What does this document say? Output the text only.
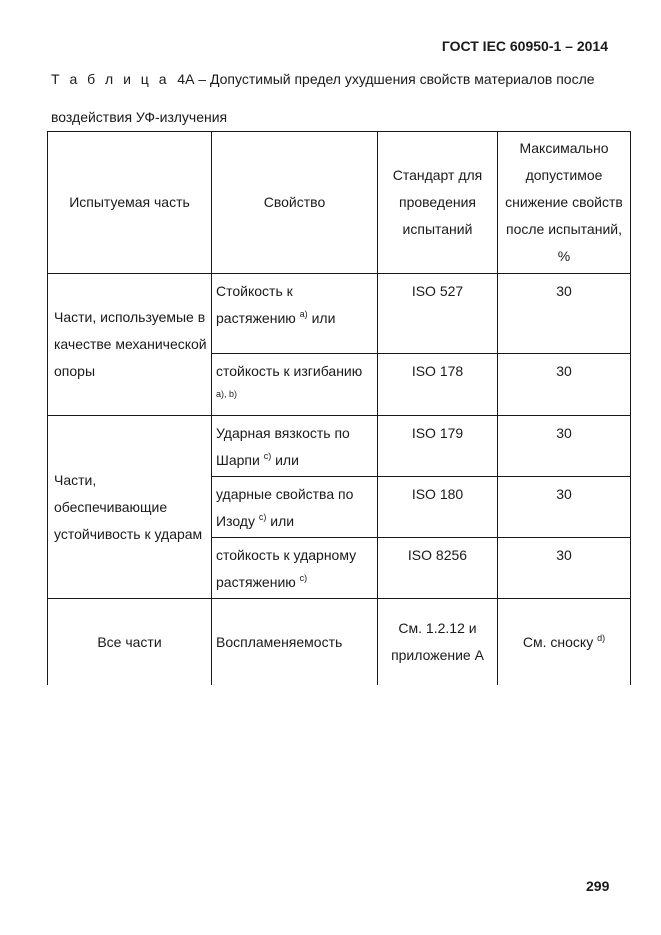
ГОСТ IEC 60950-1 – 2014
Т а б л и ц а 4А – Допустимый предел ухудшения свойств материалов после воздействия УФ-излучения
Испытуемая часть	Свойство	Стандарт для проведения испытаний	Максимально допустимое снижение свойств после испытаний, %
Части, используемые в качестве механической опоры	Стойкость к растяжению $^{a)}$ или	ISO 527	30
	стойкость к изгибанию $^{a), b)}$	ISO 178	30
Части, обеспечивающие устойчивость к ударам	Ударная вязкость по Шарпи $^{c)}$ или	ISO 179	30
	ударные свойства по Изоду $^{c)}$ или	ISO 180	30
	стойкость к ударному растяжению $^{c)}$	ISO 8256	30
Все части	Воспламеняемость	См. 1.2.12 и приложение А	См. сноску $^{d)}$
299
